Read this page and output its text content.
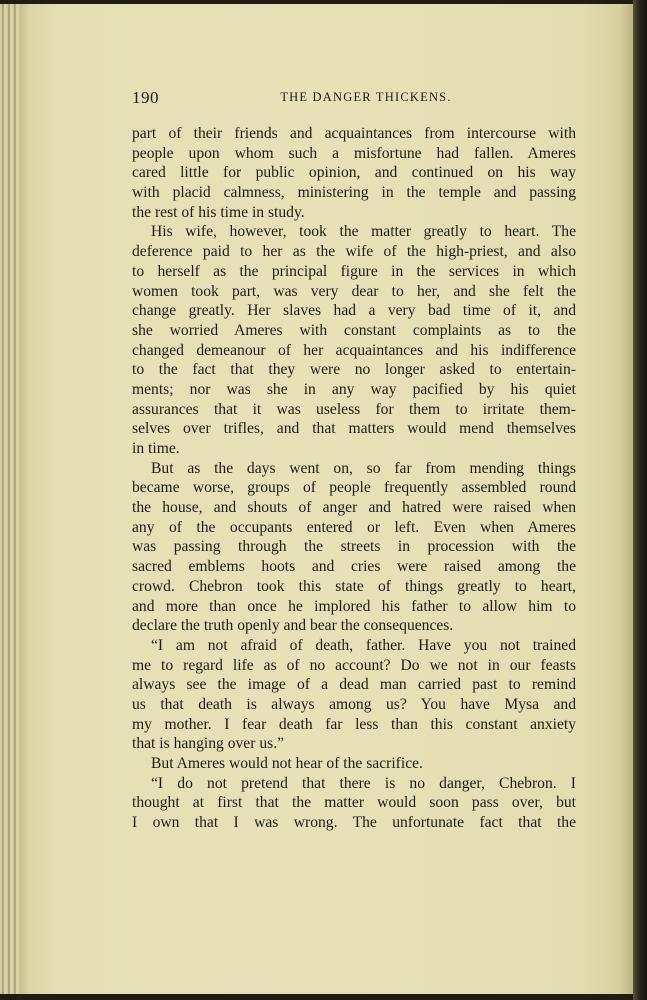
190	THE DANGER THICKENS.
part of their friends and acquaintances from intercourse with
people upon whom such a misfortune had fallen. Ameres
cared little for public opinion, and continued on his way
with placid calmness, ministering in the temple and passing
the rest of his time in study.
His wife, however, took the matter greatly to heart. The
deference paid to her as the wife of the high-priest, and also
to herself as the principal figure in the services in which
women took part, was very dear to her, and she felt the
change greatly. Her slaves had a very bad time of it, and
she worried Ameres with constant complaints as to the
changed demeanour of her acquaintances and his indifference
to the fact that they were no longer asked to entertain-
ments; nor was she in any way pacified by his quiet
assurances that it was useless for them to irritate them-
selves over trifles, and that matters would mend themselves
in time.
But as the days went on, so far from mending things
became worse, groups of people frequently assembled round
the house, and shouts of anger and hatred were raised when
any of the occupants entered or left. Even when Ameres
was passing through the streets in procession with the
sacred emblems hoots and cries were raised among the
crowd. Chebron took this state of things greatly to heart,
and more than once he implored his father to allow him to
declare the truth openly and bear the consequences.
“I am not afraid of death, father. Have you not trained
me to regard life as of no account? Do we not in our feasts
always see the image of a dead man carried past to remind
us that death is always among us? You have Mysa and
my mother. I fear death far less than this constant anxiety
that is hanging over us.”
But Ameres would not hear of the sacrifice.
“I do not pretend that there is no danger, Chebron. I
thought at first that the matter would soon pass over, but
I own that I was wrong. The unfortunate fact that the
